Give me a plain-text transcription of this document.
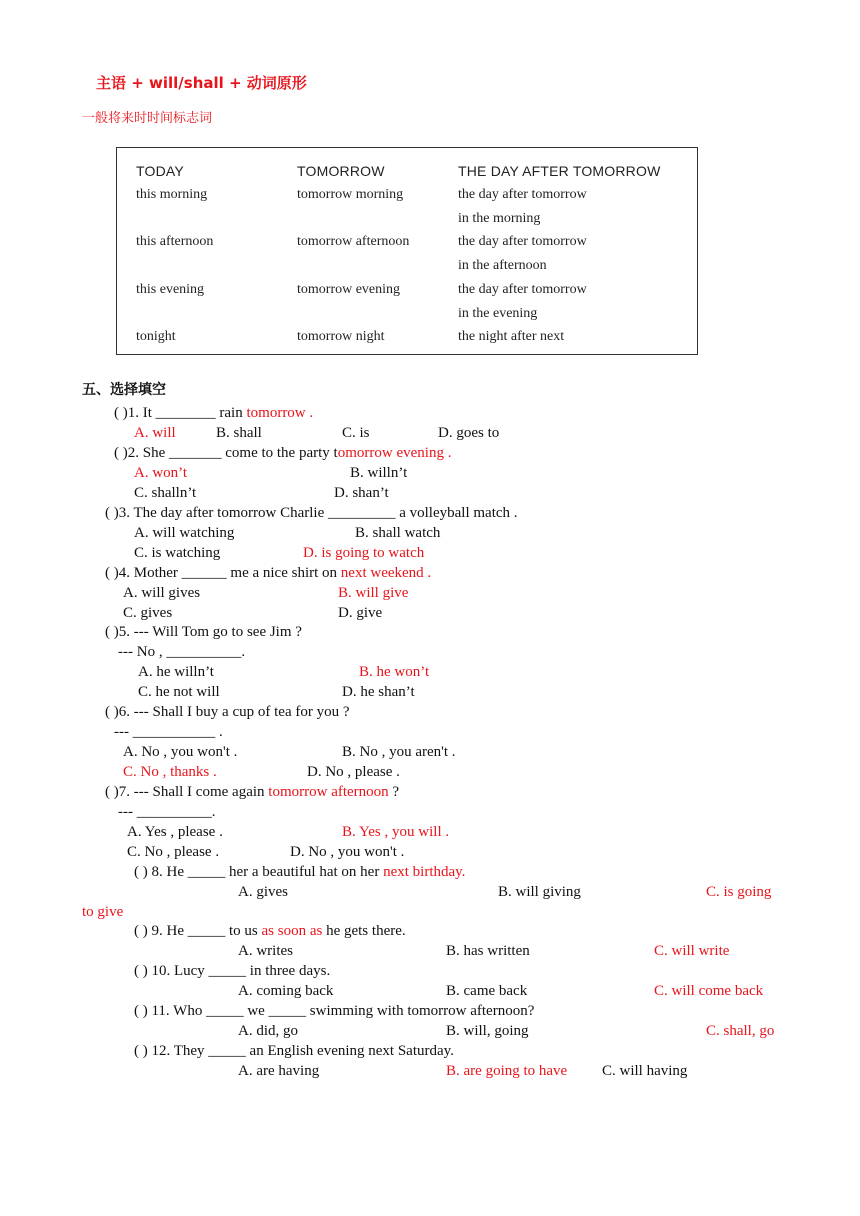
主语 + will/shall + 动词原形
一般将来时时间标志词
TODAY	TOMORROW	THE DAY AFTER TOMORROW
this morning	tomorrow morning	the day after tomorrow
in the morning
this afternoon	tomorrow afternoon	the day after tomorrow
in the afternoon
this evening	tomorrow evening	the day after tomorrow
in the evening
tonight	tomorrow night	the night after next
五、选择填空
( )1. It ________ rain tomorrow .
A. will	B. shall	C. is	D. goes to
( )2. She _______ come to the party tomorrow evening .
A. won’t	B. willn’t
C. shalln’t	D. shan’t
( )3. The day after tomorrow Charlie _________ a volleyball match .
A. will watching	B. shall watch
C. is watching	D. is going to watch
( )4. Mother ______ me a nice shirt on next weekend .
A. will gives	B. will give
C. gives	D. give
( )5. --- Will Tom go to see Jim ?
--- No , __________.
A. he willn’t	B. he won’t
C. he not will	D. he shan’t
( )6. --- Shall I buy a cup of tea for you ?
--- ___________ .
A. No , you won't .	B. No , you aren't .
C. No , thanks .	D. No , please .
( )7. --- Shall I come again tomorrow afternoon ?
--- __________.
A. Yes , please .	B. Yes , you will .
C. No , please .	D. No , you won't .
( ) 8. He _____ her a beautiful hat on her next birthday.
A. gives	B. will giving	C. is going
to give
( ) 9. He _____ to us as soon as he gets there.
A. writes	B. has written	C. will write
( ) 10. Lucy _____ in three days.
A. coming back	B. came back	C. will come back
( ) 11. Who _____ we _____ swimming with tomorrow afternoon?
A. did, go	B. will, going	C. shall, go
( ) 12. They _____ an English evening next Saturday.
A. are having	B. are going to have C. will having
